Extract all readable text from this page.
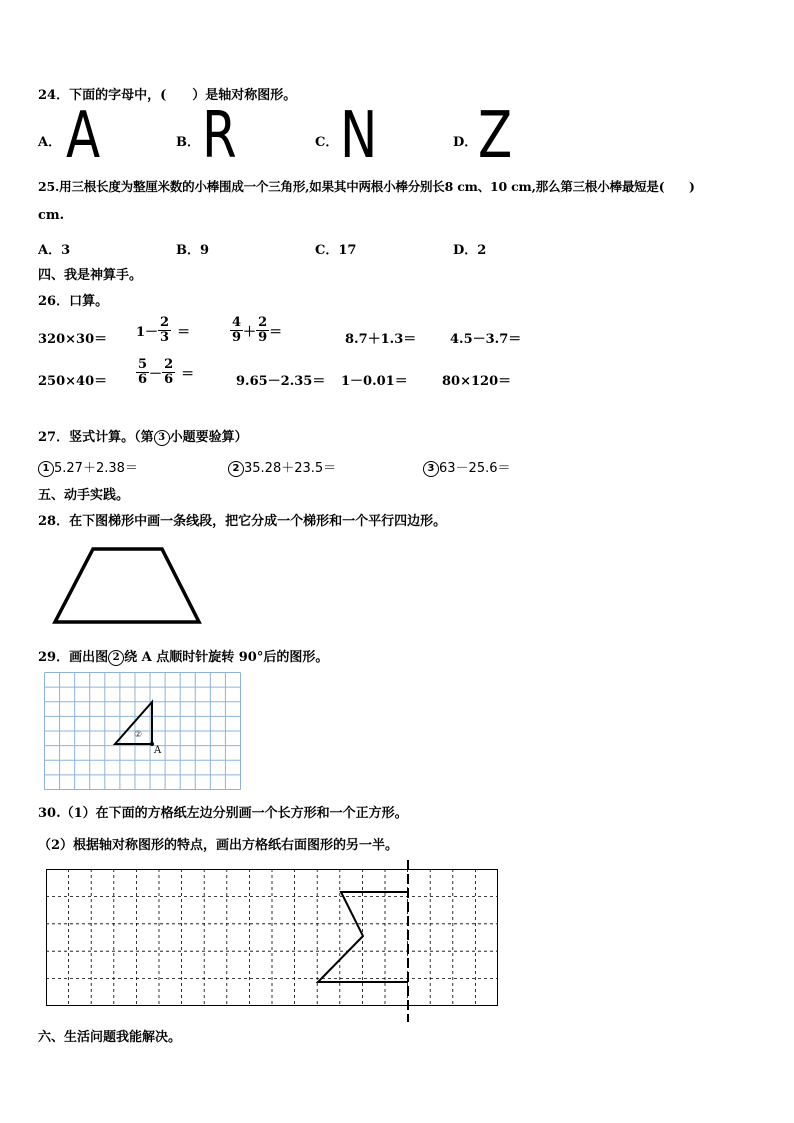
24．下面的字母中，(　　）是轴对称图形。
A． A	B． R	C． N	D． Z
25.用三根长度为整厘米数的小棒围成一个三角形,如果其中两根小棒分别长8 cm、10 cm,那么第三根小棒最短是(　　)
cm.
A．3	B．9	C．17	D．2
四、我是神算手。
26．口算。
$320\times 30= 1- \frac{2}{3}$ ＝	$\frac{4}{9} + \frac{2}{9}$ ＝	8.7＋1.3＝	4.5－3.7＝
$250\times 40= \frac{5}{6} - \frac{2}{6}$ ＝	9.65－2.35＝ 1－0.01＝	80×120＝
27．竖式计算。（第 3 小题要验算）
1 5.27＋2.38＝	2 35.28＋23.5＝	3 63－25.6＝
五、动手实践。
28．在下图梯形中画一条线段，把它分成一个梯形和一个平行四边形。
29．画出图 2 绕 A 点顺时针旋转 90°后的图形。
②
A
30.（1）在下面的方格纸左边分别画一个长方形和一个正方形。
（2）根据轴对称图形的特点，画出方格纸右面图形的另一半。
六、生活问题我能解决。
